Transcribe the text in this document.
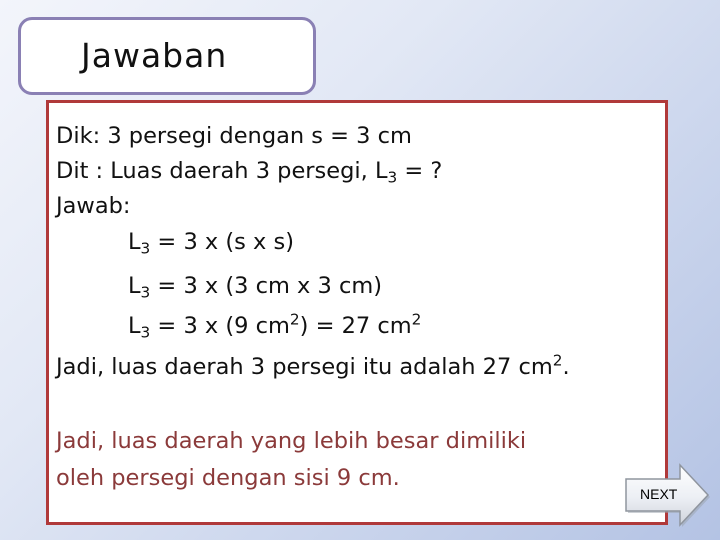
Jawaban
Dik: 3 persegi dengan s = 3 cm
Dit : Luas daerah 3 persegi, $L_3$ = ?
Jawab:
$L_3 = 3$ x (s x s)
$L_3 = 3$ x (3 cm x 3 cm)
$L_3 = 3$ x (9 $cm^2) = 27$ $cm^2$
Jadi, luas daerah 3 persegi itu adalah 27 $cm^2$.
Jadi, luas daerah yang lebih besar dimiliki
oleh persegi dengan sisi 9 cm.
NEXT
